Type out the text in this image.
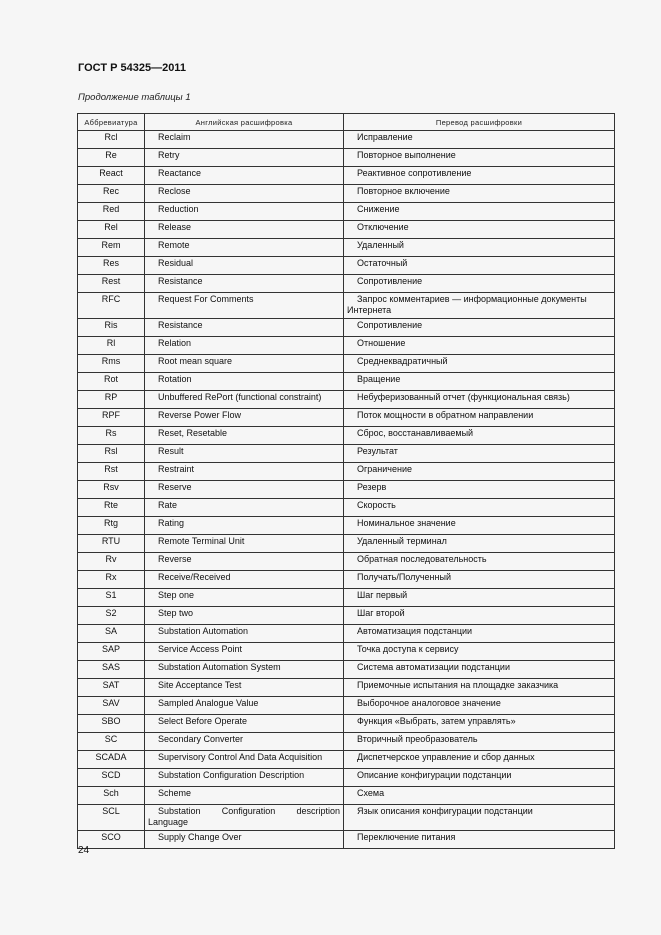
ГОСТ Р 54325—2011
Продолжение таблицы 1
Аббревиатура	Английская расшифровка	Перевод расшифровки
Rcl	Reclaim	Исправление
Re	Retry	Повторное выполнение
React	Reactance	Реактивное сопротивление
Rec	Reclose	Повторное включение
Red	Reduction	Снижение
Rel	Release	Отключение
Rem	Remote	Удаленный
Res	Residual	Остаточный
Rest	Resistance	Сопротивление
RFC	Request For Comments	Запрос комментариев — информационные документы Интернета
Ris	Resistance	Сопротивление
Rl	Relation	Отношение
Rms	Root mean square	Среднеквадратичный
Rot	Rotation	Вращение
RP	Unbuffered RePort (functional constraint)	Небуферизованный отчет (функциональная связь)
RPF	Reverse Power Flow	Поток мощности в обратном направлении
Rs	Reset, Resetable	Сброс, восстанавливаемый
Rsl	Result	Результат
Rst	Restraint	Ограничение
Rsv	Reserve	Резерв
Rte	Rate	Скорость
Rtg	Rating	Номинальное значение
RTU	Remote Terminal Unit	Удаленный терминал
Rv	Reverse	Обратная последовательность
Rx	Receive/Received	Получать/Полученный
S1	Step one	Шаг первый
S2	Step two	Шаг второй
SA	Substation Automation	Автоматизация подстанции
SAP	Service Access Point	Точка доступа к сервису
SAS	Substation Automation System	Система автоматизации подстанции
SAT	Site Acceptance Test	Приемочные испытания на площадке заказчика
SAV	Sampled Analogue Value	Выборочное аналоговое значение
SBO	Select Before Operate	Функция «Выбрать, затем управлять»
SC	Secondary Converter	Вторичный преобразователь
SCADA	Supervisory Control And Data Acquisition	Диспетчерское управление и сбор данных
SCD	Substation Configuration Description	Описание конфигурации подстанции
Sch	Scheme	Схема
SCL	Substation Configuration description Language	Язык описания конфигурации подстанции
SCO	Supply Change Over	Переключение питания
24
